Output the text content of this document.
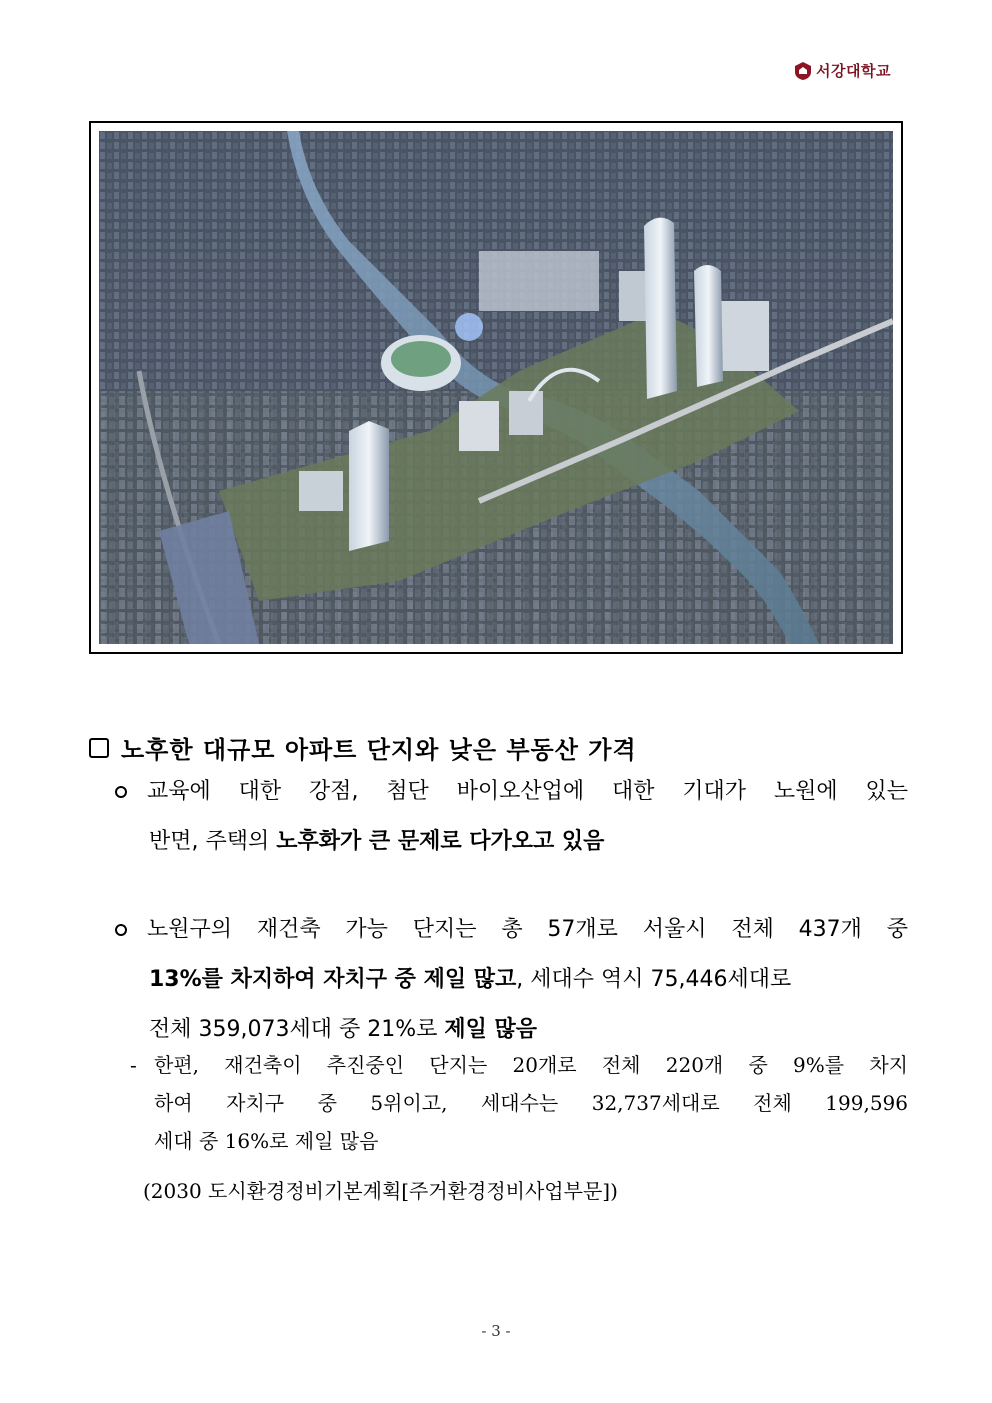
서강대학교
노후한 대규모 아파트 단지와 낮은 부동산 가격
교육에 대한 강점, 첨단 바이오산업에 대한 기대가 노원에 있는
반면, 주택의 노후화가 큰 문제로 다가오고 있음
노원구의 재건축 가능 단지는 총 57개로 서울시 전체 437개 중
13%를 차지하여 자치구 중 제일 많고 , 세대수 역시 75,446세대로
전체 359,073세대 중 21%로 제일 많음
- 한편, 재건축이 추진중인 단지는 20개로 전체 220개 중 9%를 차지
하여 자치구 중 5위이고, 세대수는 32,737세대로 전체 199,596
세대 중 16%로 제일 많음
(2030 도시환경정비기본계획[주거환경정비사업부문])
- 3 -
